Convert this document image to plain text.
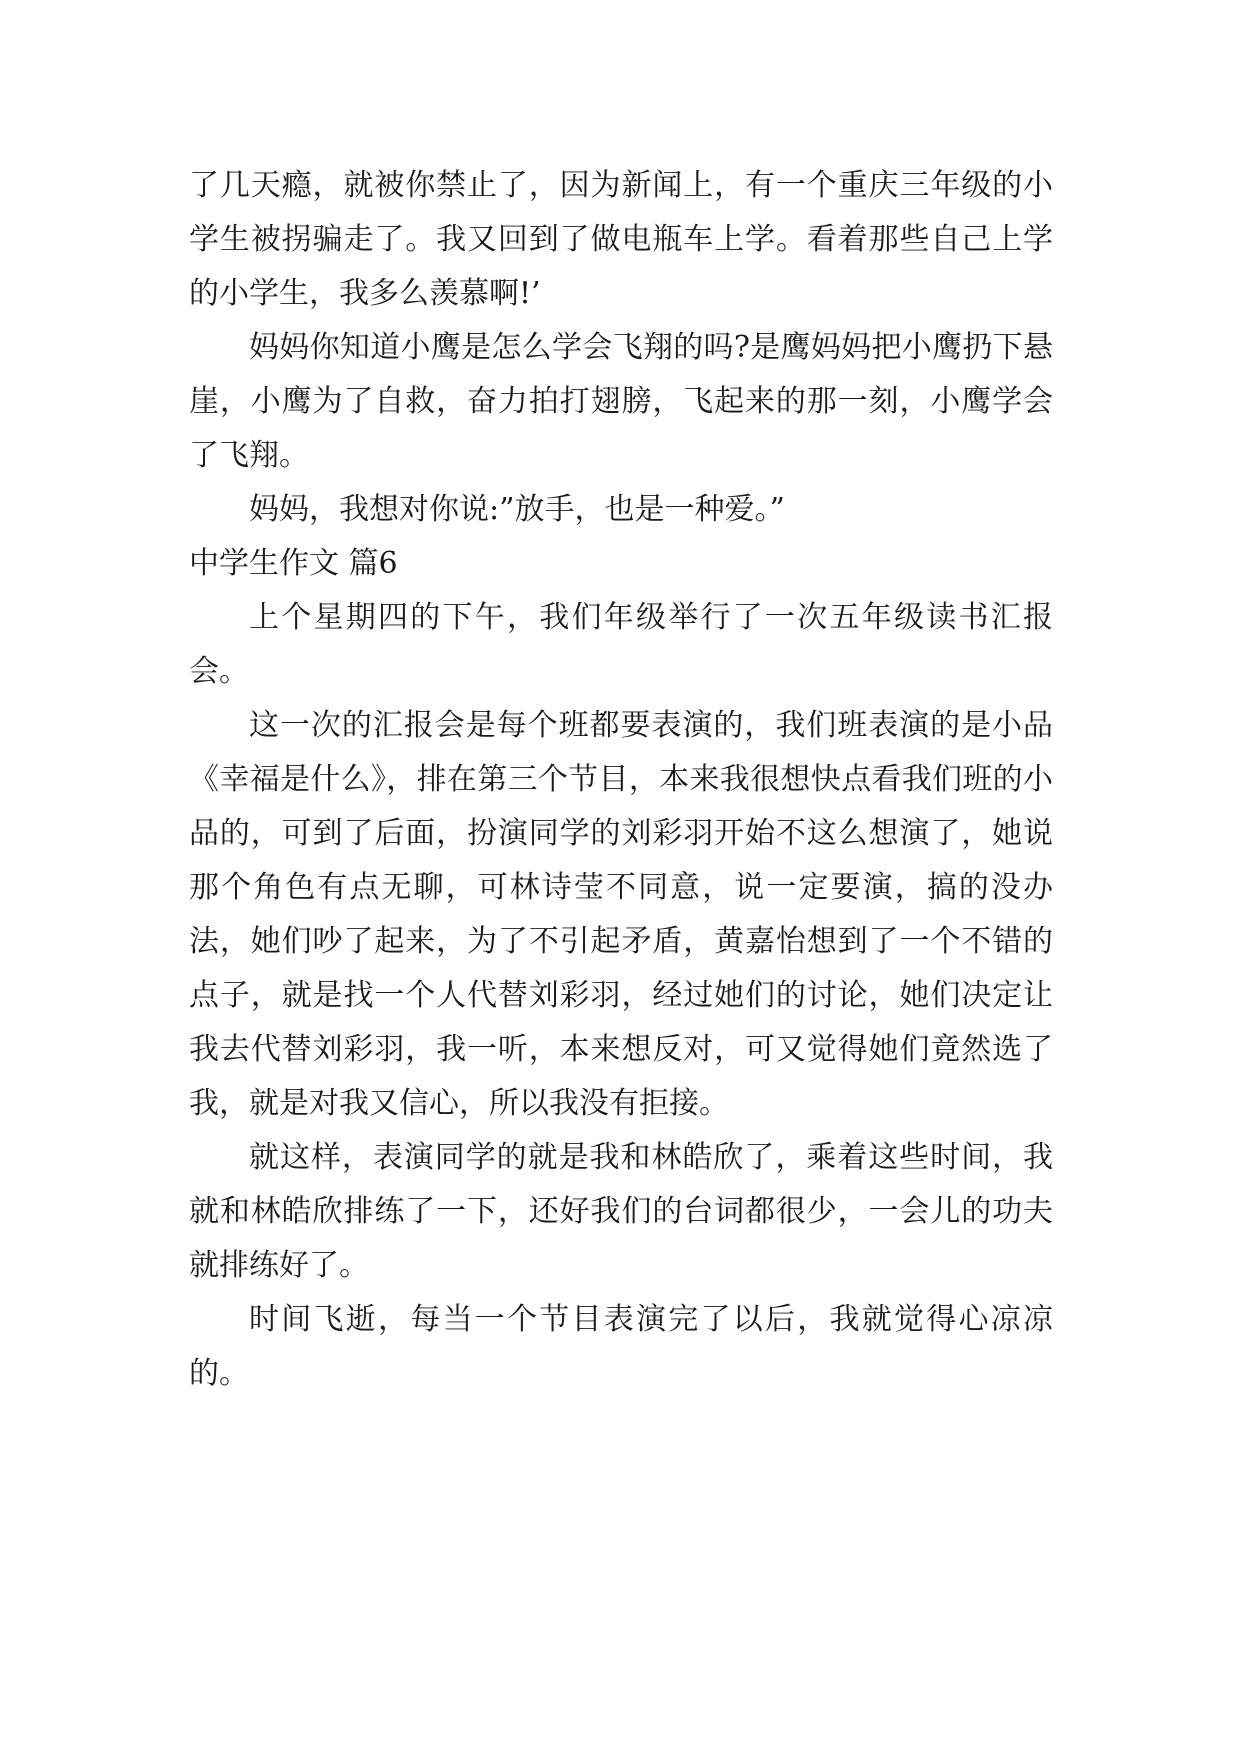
了几天瘾，就被你禁止了，因为新闻上，有一个重庆三年级的小学生被拐骗走了。我又回到了做电瓶车上学。看着那些自己上学的小学生，我多么羡慕啊!’

妈妈你知道小鹰是怎么学会飞翔的吗?是鹰妈妈把小鹰扔下悬崖，小鹰为了自救，奋力拍打翅膀，飞起来的那一刻，小鹰学会了飞翔。

妈妈，我想对你说:”放手，也是一种爱。”

中学生作文 篇6

上个星期四的下午，我们年级举行了一次五年级读书汇报会。

这一次的汇报会是每个班都要表演的，我们班表演的是小品《幸福是什么》，排在第三个节目，本来我很想快点看我们班的小品的，可到了后面，扮演同学的刘彩羽开始不这么想演了，她说那个角色有点无聊，可林诗莹不同意，说一定要演，搞的没办法，她们吵了起来，为了不引起矛盾，黄嘉怡想到了一个不错的点子，就是找一个人代替刘彩羽，经过她们的讨论，她们决定让我去代替刘彩羽，我一听，本来想反对，可又觉得她们竟然选了我，就是对我又信心，所以我没有拒接。

就这样，表演同学的就是我和林皓欣了，乘着这些时间，我就和林皓欣排练了一下，还好我们的台词都很少，一会儿的功夫就排练好了。

时间飞逝，每当一个节目表演完了以后，我就觉得心凉凉的。
